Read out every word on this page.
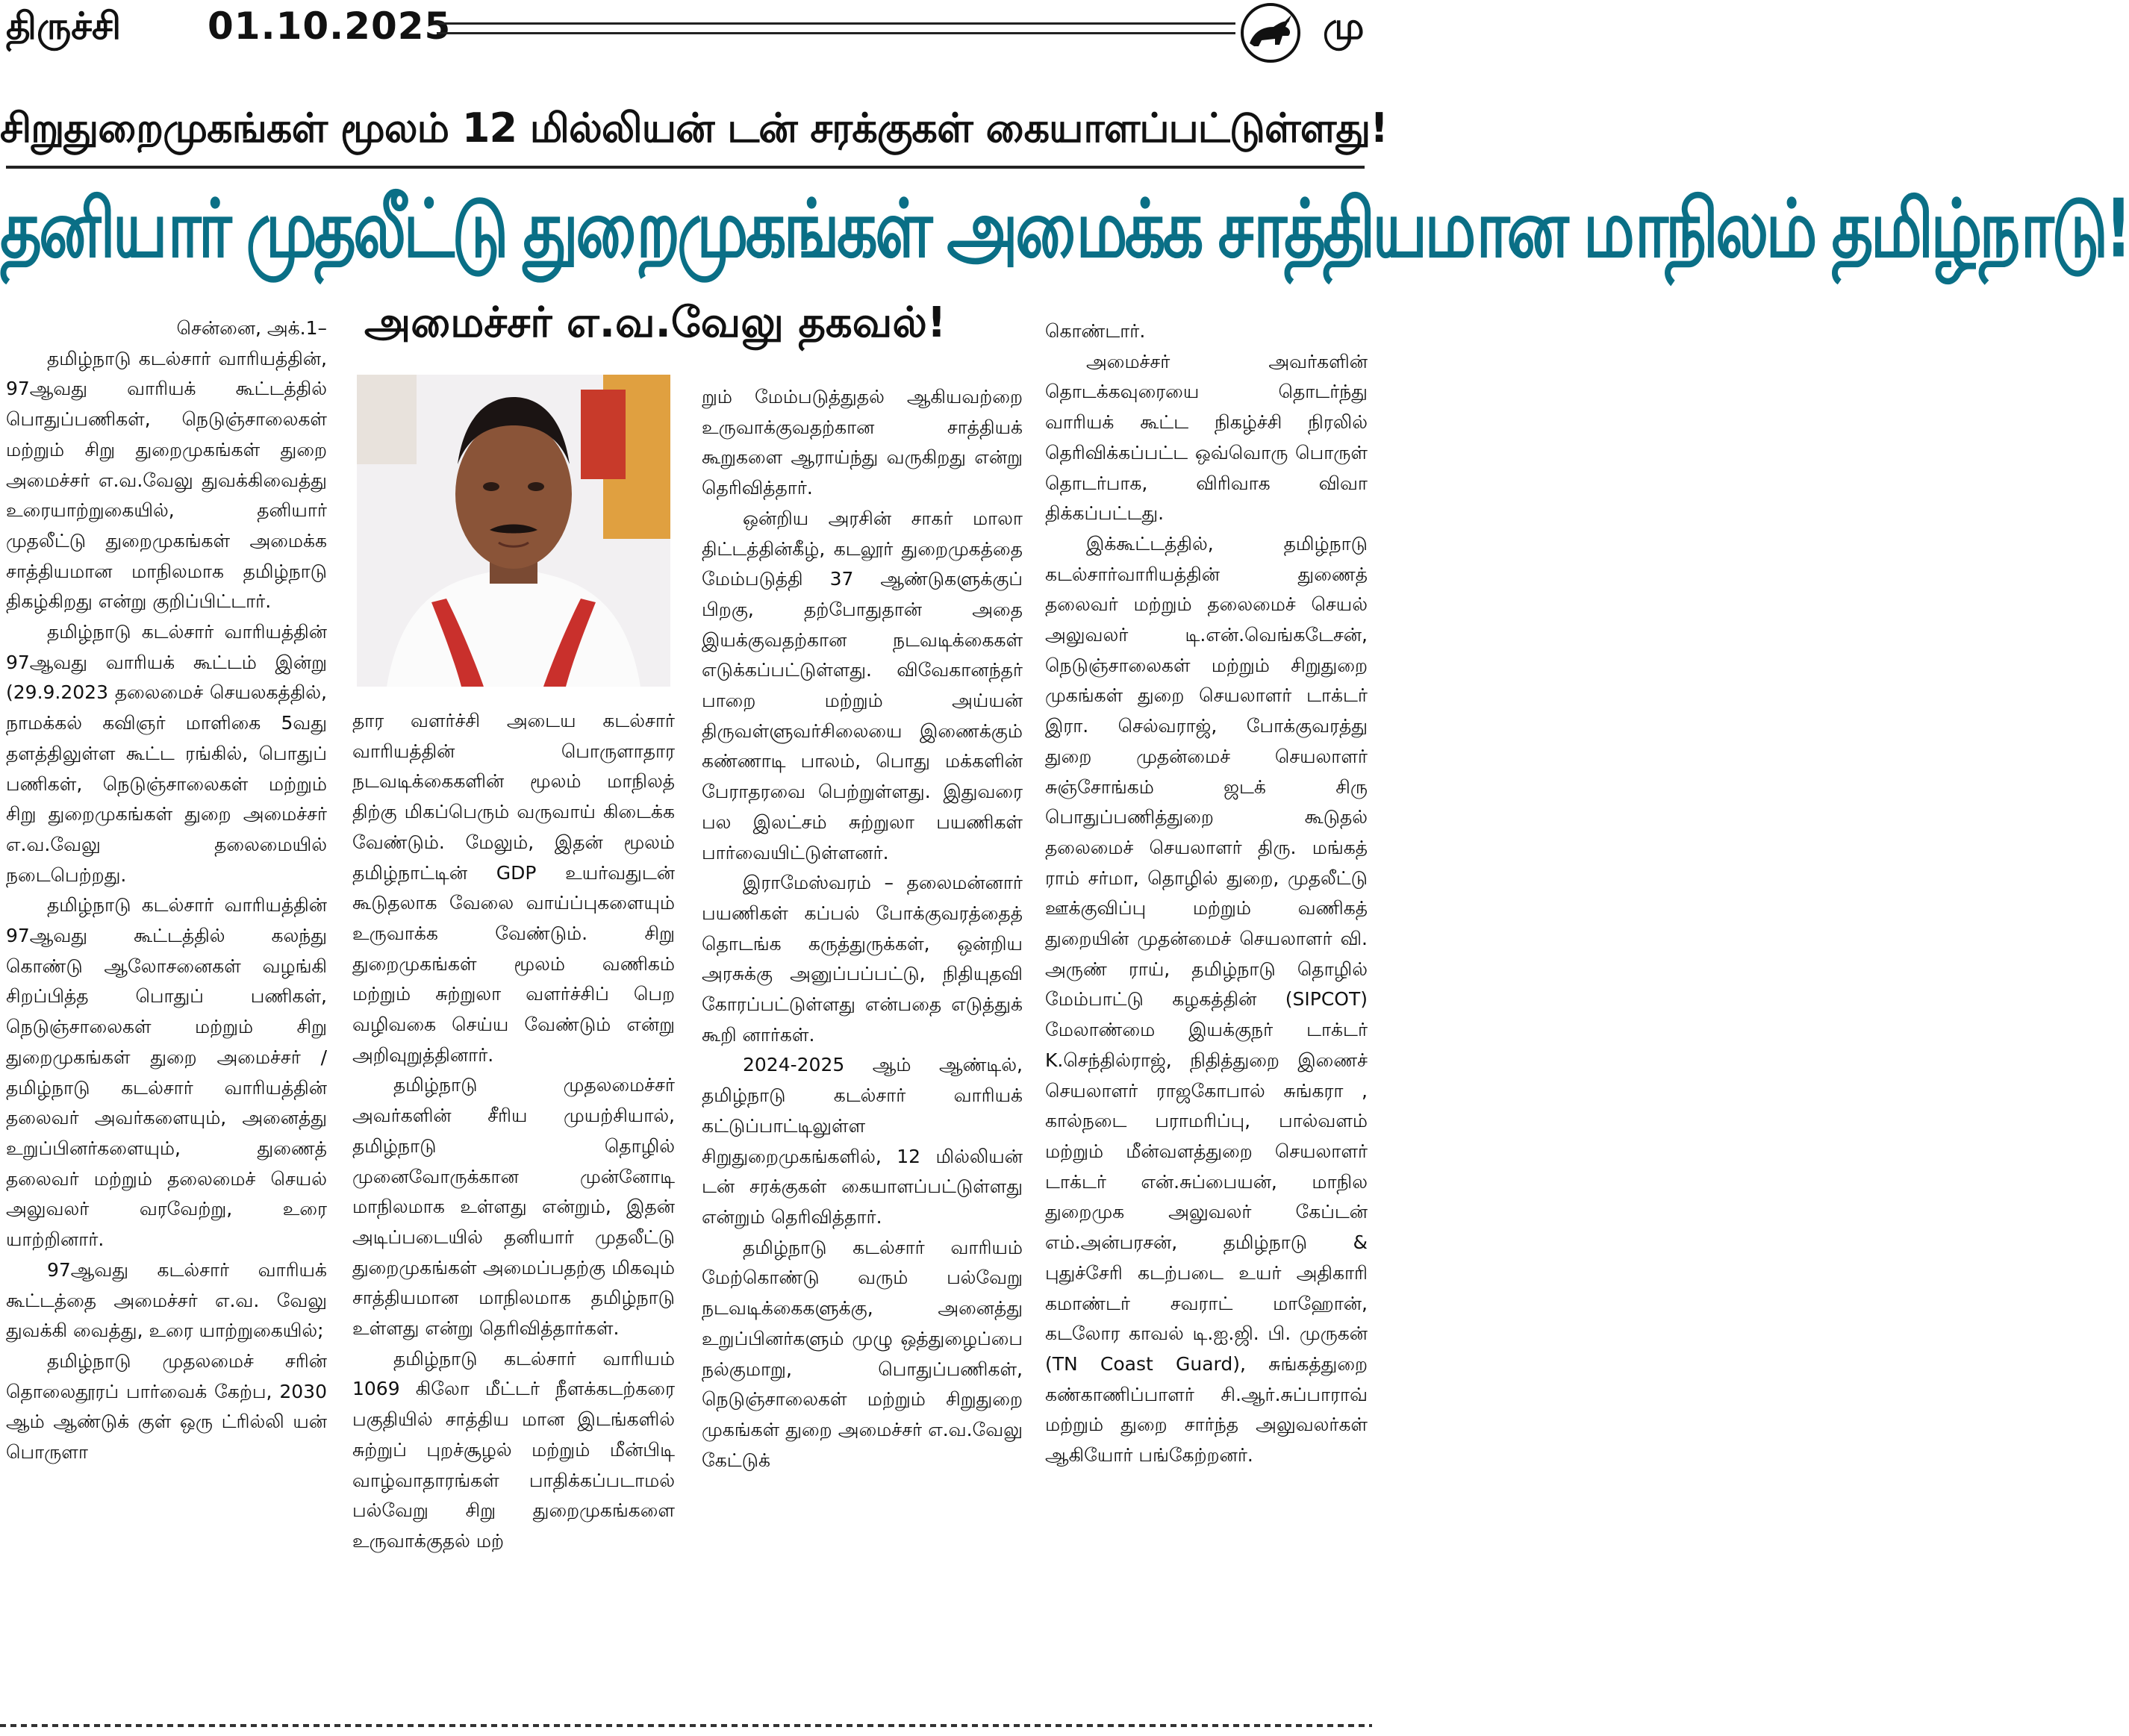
திருச்சி 01.10.2025	மு
சிறுதுறைமுகங்கள் மூலம் 12 மில்லியன் டன் சரக்குகள் கையாளப்பட்டுள்ளது!
தனியார் முதலீட்டு துறைமுகங்கள் அமைக்க சாத்தியமான மாநிலம் தமிழ்நாடு!
அமைச்சர் எ.வ.வேலு தகவல்!

சென்னை, அக்.1–

தமிழ்நாடு கடல்சார் வாரியத்தின், 97ஆவது வாரியக் கூட்டத்தில் பொதுப்பணிகள், நெடுஞ்சாலைகள் மற்றும் சிறு துறைமுகங்கள் துறை அமைச்சர் எ.வ.வேலு துவக்கிவைத்து உரையாற்றுகையில், தனியார் முதலீட்டு துறைமுகங்கள் அமைக்க சாத்தியமான மாநிலமாக தமிழ்நாடு திகழ்கிறது என்று குறிப்பிட்டார்.

தமிழ்நாடு கடல்சார் வாரியத்தின் 97ஆவது வாரியக் கூட்டம் இன்று (29.9.2023 தலைமைச் செயலகத்தில், நாமக்கல் கவிஞர் மாளிகை 5வது தளத்திலுள்ள கூட்ட ரங்கில், பொதுப் பணிகள், நெடுஞ்சாலைகள் மற்றும் சிறு துறைமுகங்கள் துறை அமைச்சர் எ.வ.வேலு தலைமையில் நடைபெற்றது.

தமிழ்நாடு கடல்சார் வாரியத்தின் 97ஆவது கூட்டத்தில் கலந்து கொண்டு ஆலோசனைகள் வழங்கி சிறப்பித்த பொதுப் பணிகள், நெடுஞ்சாலைகள் மற்றும் சிறு துறைமுகங்கள் துறை அமைச்சர் / தமிழ்நாடு கடல்சார் வாரியத்தின் தலைவர் அவர்களையும், அனைத்து உறுப்பினர்களையும், துணைத் தலைவர் மற்றும் தலைமைச் செயல் அலுவலர் வரவேற்று, உரை யாற்றினார்.

97ஆவது கடல்சார் வாரியக் கூட்டத்தை அமைச்சர் எ.வ. வேலு துவக்கி வைத்து, உரை யாற்றுகையில்;

தமிழ்நாடு முதலமைச் சரின் தொலைதூரப் பார்வைக் கேற்ப, 2030 ஆம் ஆண்டுக் குள் ஒரு ட்ரில்லி யன் பொருளா

தார வளர்ச்சி அடைய கடல்சார் வாரியத்தின் பொருளாதார நடவடிக்கைகளின் மூலம் மாநிலத் திற்கு மிகப்பெரும் வருவாய் கிடைக்க வேண்டும். மேலும், இதன் மூலம் தமிழ்நாட்டின் GDP உயர்வதுடன் கூடுதலாக வேலை வாய்ப்புகளையும் உருவாக்க வேண்டும். சிறு துறைமுகங்கள் மூலம் வணிகம் மற்றும் சுற்றுலா வளர்ச்சிப் பெற வழிவகை செய்ய வேண்டும் என்று அறிவுறுத்தினார்.

தமிழ்நாடு முதலமைச்சர் அவர்களின் சீரிய முயற்சியால், தமிழ்நாடு தொழில் முனைவோருக்கான முன்னோடி மாநிலமாக உள்ளது என்றும், இதன் அடிப்படையில் தனியார் முதலீட்டு துறைமுகங்கள் அமைப்பதற்கு மிகவும் சாத்தியமான மாநிலமாக தமிழ்நாடு உள்ளது என்று தெரிவித்தார்கள்.

தமிழ்நாடு கடல்சார் வாரியம் 1069 கிலோ மீட்டர் நீளக்கடற்கரை பகுதியில் சாத்திய மான இடங்களில் சுற்றுப் புறச்சூழல் மற்றும் மீன்பிடி வாழ்வாதாரங்கள் பாதிக்கப்படாமல் பல்வேறு சிறு துறைமுகங்களை உருவாக்குதல் மற்

றும் மேம்படுத்துதல் ஆகியவற்றை உருவாக்குவதற்கான சாத்தியக் கூறுகளை ஆராய்ந்து வருகிறது என்று தெரிவித்தார்.

ஒன்றிய அரசின் சாகர் மாலா திட்டத்தின்கீழ், கடலூர் துறைமுகத்தை மேம்படுத்தி 37 ஆண்டுகளுக்குப் பிறகு, தற்போதுதான் அதை இயக்குவதற்கான நடவடிக்கைகள் எடுக்கப்பட்டுள்ளது. விவேகானந்தர் பாறை மற்றும் அய்யன் திருவள்ளுவர்சிலையை இணைக்கும் கண்ணாடி பாலம், பொது மக்களின் பேராதரவை பெற்றுள்ளது. இதுவரை பல இலட்சம் சுற்றுலா பயணிகள் பார்வையிட்டுள்ளனர்.

இராமேஸ்வரம் – தலைமன்னார் பயணிகள் கப்பல் போக்குவரத்தைத் தொடங்க கருத்துருக்கள், ஒன்றிய அரசுக்கு அனுப்பப்பட்டு, நிதியுதவி கோரப்பட்டுள்ளது என்பதை எடுத்துக் கூறி னார்கள்.

2024-2025 ஆம் ஆண்டில், தமிழ்நாடு கடல்சார் வாரியக் கட்டுப்பாட்டிலுள்ள சிறுதுறைமுகங்களில், 12 மில்லியன் டன் சரக்குகள் கையாளப்பட்டுள்ளது என்றும் தெரிவித்தார்.

தமிழ்நாடு கடல்சார் வாரியம் மேற்கொண்டு வரும் பல்வேறு நடவடிக்கைகளுக்கு, அனைத்து உறுப்பினர்களும் முழு ஒத்துழைப்பை நல்குமாறு, பொதுப்பணிகள், நெடுஞ்சாலைகள் மற்றும் சிறுதுறை முகங்கள் துறை அமைச்சர் எ.வ.வேலு கேட்டுக்

கொண்டார்.

அமைச்சர் அவர்களின் தொடக்கவுரையை தொடர்ந்து வாரியக் கூட்ட நிகழ்ச்சி நிரலில் தெரிவிக்கப்பட்ட ஒவ்வொரு பொருள் தொடர்பாக, விரிவாக விவா திக்கப்பட்டது.

இக்கூட்டத்தில், தமிழ்நாடு கடல்சார்வாரியத்தின் துணைத் தலைவர் மற்றும் தலைமைச் செயல் அலுவலர் டி.என்.வெங்கடேசன், நெடுஞ்சாலைகள் மற்றும் சிறுதுறை முகங்கள் துறை செயலாளர் டாக்டர் இரா. செல்வராஜ், போக்குவரத்து துறை முதன்மைச் செயலாளர் சுஞ்சோங்கம் ஜடக் சிரு பொதுப்பணித்துறை கூடுதல் தலைமைச் செயலாளர் திரு. மங்கத் ராம் சர்மா, தொழில் துறை, முதலீட்டு ஊக்குவிப்பு மற்றும் வணிகத் துறையின் முதன்மைச் செயலாளர் வி. அருண் ராய், தமிழ்நாடு தொழில் மேம்பாட்டு கழகத்தின் (SIPCOT) மேலாண்மை இயக்குநர் டாக்டர் K.செந்தில்ராஜ், நிதித்துறை இணைச் செயலாளர் ராஜகோபால் சுங்கரா , கால்நடை பராமரிப்பு, பால்வளம் மற்றும் மீன்வளத்துறை செயலாளர் டாக்டர் என்.சுப்பையன், மாநில துறைமுக அலுவலர் கேப்டன் எம்.அன்பரசன், தமிழ்நாடு & புதுச்சேரி கடற்படை உயர் அதிகாரி கமாண்டர் சவராட் மாஹோன், கடலோர காவல் டி.ஐ.ஜி. பி. முருகன் (TN Coast Guard), சுங்கத்துறை கண்காணிப்பாளர் சி.ஆர்.சுப்பாராவ் மற்றும் துறை சார்ந்த அலுவலர்கள் ஆகியோர் பங்கேற்றனர்.
